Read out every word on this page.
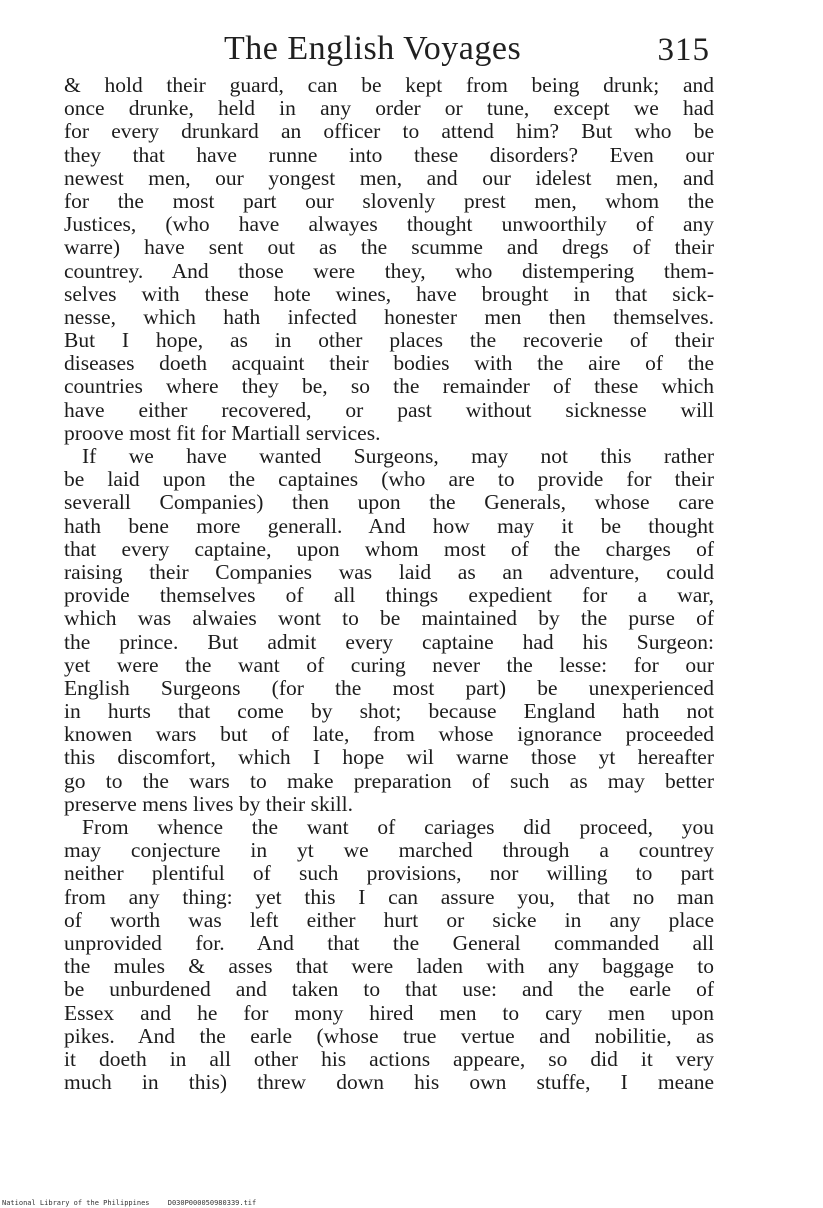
The English Voyages	315
& hold their guard, can be kept from being drunk; and
once drunke, held in any order or tune, except we had
for every drunkard an officer to attend him? But who be
they that have runne into these disorders? Even our
newest men, our yongest men, and our idelest men, and
for the most part our slovenly prest men, whom the
Justices, (who have alwayes thought unwoorthily of any
warre) have sent out as the scumme and dregs of their
countrey. And those were they, who distempering them-
selves with these hote wines, have brought in that sick-
nesse, which hath infected honester men then themselves.
But I hope, as in other places the recoverie of their
diseases doeth acquaint their bodies with the aire of the
countries where they be, so the remainder of these which
have either recovered, or past without sicknesse will
proove most fit for Martiall services.
If we have wanted Surgeons, may not this rather
be laid upon the captaines (who are to provide for their
severall Companies) then upon the Generals, whose care
hath bene more generall. And how may it be thought
that every captaine, upon whom most of the charges of
raising their Companies was laid as an adventure, could
provide themselves of all things expedient for a war,
which was alwaies wont to be maintained by the purse of
the prince. But admit every captaine had his Surgeon:
yet were the want of curing never the lesse: for our
English Surgeons (for the most part) be unexperienced
in hurts that come by shot; because England hath not
knowen wars but of late, from whose ignorance proceeded
this discomfort, which I hope wil warne those yt hereafter
go to the wars to make preparation of such as may better
preserve mens lives by their skill.
From whence the want of cariages did proceed, you
may conjecture in yt we marched through a countrey
neither plentiful of such provisions, nor willing to part
from any thing: yet this I can assure you, that no man
of worth was left either hurt or sicke in any place
unprovided for. And that the General commanded all
the mules & asses that were laden with any baggage to
be unburdened and taken to that use: and the earle of
Essex and he for mony hired men to cary men upon
pikes. And the earle (whose true vertue and nobilitie, as
it doeth in all other his actions appeare, so did it very
much in this) threw down his own stuffe, I meane
National Library of the Philippines	D030P000050980339.tif
